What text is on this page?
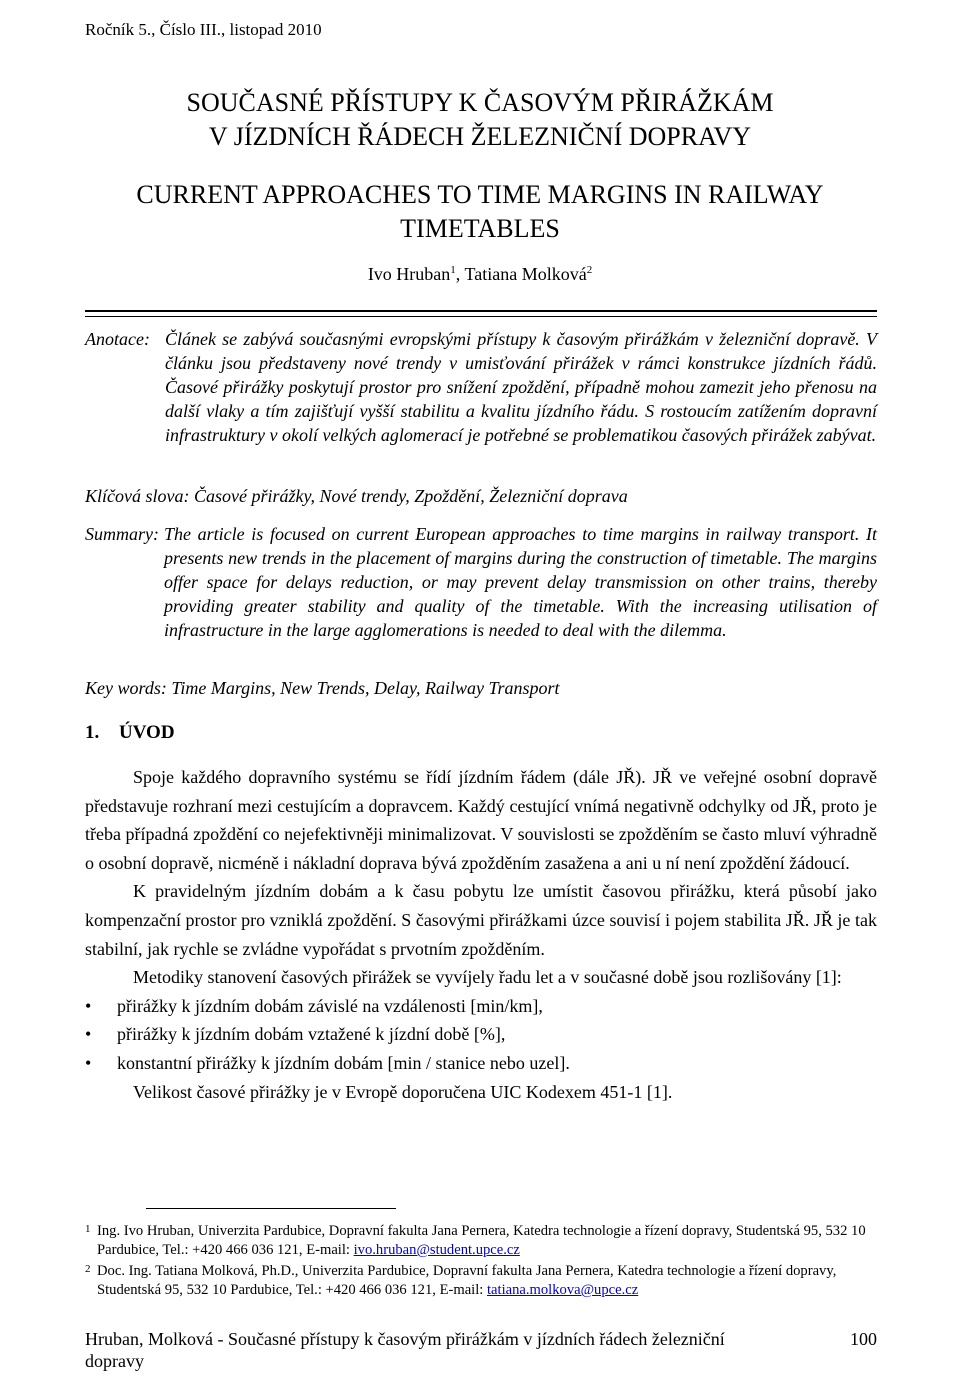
Ročník 5., Číslo III., listopad 2010
SOUČASNÉ PŘÍSTUPY K ČASOVÝM PŘIRÁŽKÁM
V JÍZDNÍCH ŘÁDECH ŽELEZNIČNÍ DOPRAVY
CURRENT APPROACHES TO TIME MARGINS IN RAILWAY
TIMETABLES
Ivo Hruban$^1$, Tatiana Molková$^2$
Anotace: Článek se zabývá současnými evropskými přístupy k časovým přirážkám v železniční dopravě. V článku jsou představeny nové trendy v umisťování přirážek v rámci konstrukce jízdních řádů. Časové přirážky poskytují prostor pro snížení zpoždění, případně mohou zamezit jeho přenosu na další vlaky a tím zajišťují vyšší stabilitu a kvalitu jízdního řádu. S rostoucím zatížením dopravní infrastruktury v okolí velkých aglomerací je potřebné se problematikou časových přirážek zabývat.
Klíčová slova: Časové přirážky, Nové trendy, Zpoždění, Železniční doprava
Summary: The article is focused on current European approaches to time margins in railway transport. It presents new trends in the placement of margins during the construction of timetable. The margins offer space for delays reduction, or may prevent delay transmission on other trains, thereby providing greater stability and quality of the timetable. With the increasing utilisation of infrastructure in the large agglomerations is needed to deal with the dilemma.
Key words: Time Margins, New Trends, Delay, Railway Transport
1. ÚVOD

Spoje každého dopravního systému se řídí jízdním řádem (dále JŘ). JŘ ve veřejné osobní dopravě představuje rozhraní mezi cestujícím a dopravcem. Každý cestující vnímá negativně odchylky od JŘ, proto je třeba případná zpoždění co nejefektivněji minimalizovat. V souvislosti se zpožděním se často mluví výhradně o osobní dopravě, nicméně i nákladní doprava bývá zpožděním zasažena a ani u ní není zpoždění žádoucí.

K pravidelným jízdním dobám a k času pobytu lze umístit časovou přirážku, která působí jako kompenzační prostor pro vzniklá zpoždění. S časovými přirážkami úzce souvisí i pojem stabilita JŘ. JŘ je tak stabilní, jak rychle se zvládne vypořádat s prvotním zpožděním.

Metodiky stanovení časových přirážek se vyvíjely řadu let a v současné době jsou rozlišovány [1]:

• přirážky k jízdním dobám závislé na vzdálenosti [min/km],
• přirážky k jízdním dobám vztažené k jízdní době [%],
• konstantní přirážky k jízdním dobám [min / stanice nebo uzel].

Velikost časové přirážky je v Evropě doporučena UIC Kodexem 451-1 [1].

1 Ing. Ivo Hruban, Univerzita Pardubice, Dopravní fakulta Jana Pernera, Katedra technologie a řízení dopravy, Studentská 95, 532 10 Pardubice, Tel.: +420 466 036 121, E-mail: ivo.hruban@student.upce.cz
2 Doc. Ing. Tatiana Molková, Ph.D., Univerzita Pardubice, Dopravní fakulta Jana Pernera, Katedra technologie a řízení dopravy, Studentská 95, 532 10 Pardubice, Tel.: +420 466 036 121, E-mail: tatiana.molkova@upce.cz
Hruban, Molková - Současné přístupy k časovým přirážkám v jízdních řádech železniční dopravy
100
